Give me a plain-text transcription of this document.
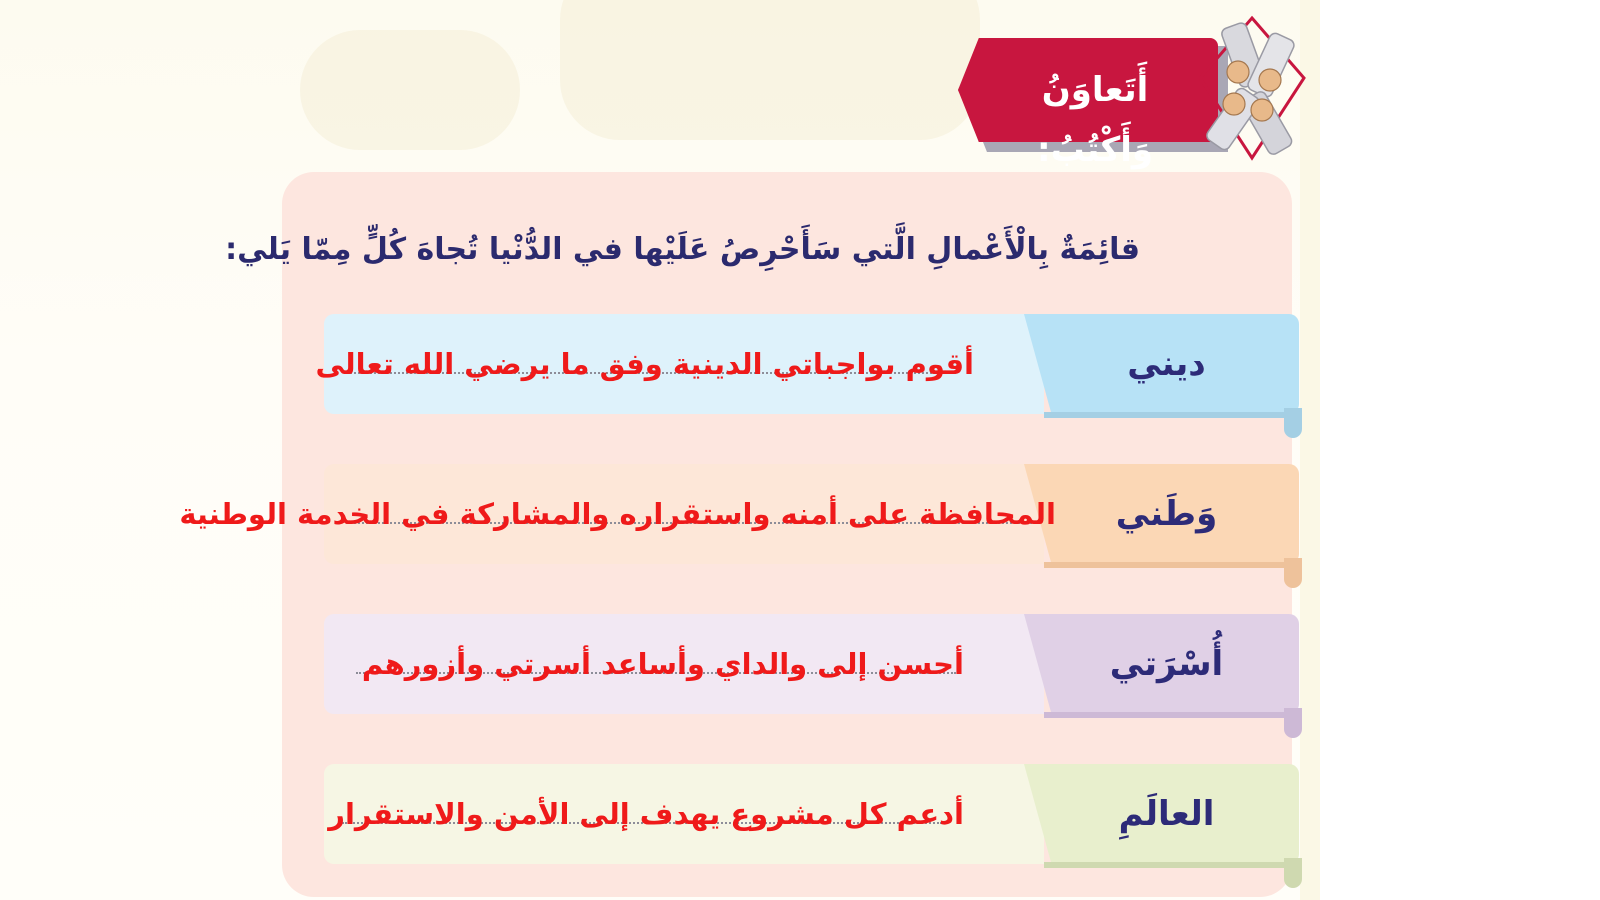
أَتَعاوَنُ وَأَكْتُبُ:
قائِمَةٌ بِالْأَعْمالِ الَّتي سَأَحْرِصُ عَلَيْها في الدُّنْيا تُجاهَ كُلٍّ مِمّا يَلي:
ديني
أقوم بواجباتي الدينية وفق ما يرضي الله تعالى
وَطَني
المحافظة على أمنه واستقراره والمشاركة في الخدمة الوطنية
أُسْرَتي
أحسن إلى والداي وأساعد أسرتي وأزورهم
العالَمِ
أدعم كل مشروع يهدف إلى الأمن والاستقرار
